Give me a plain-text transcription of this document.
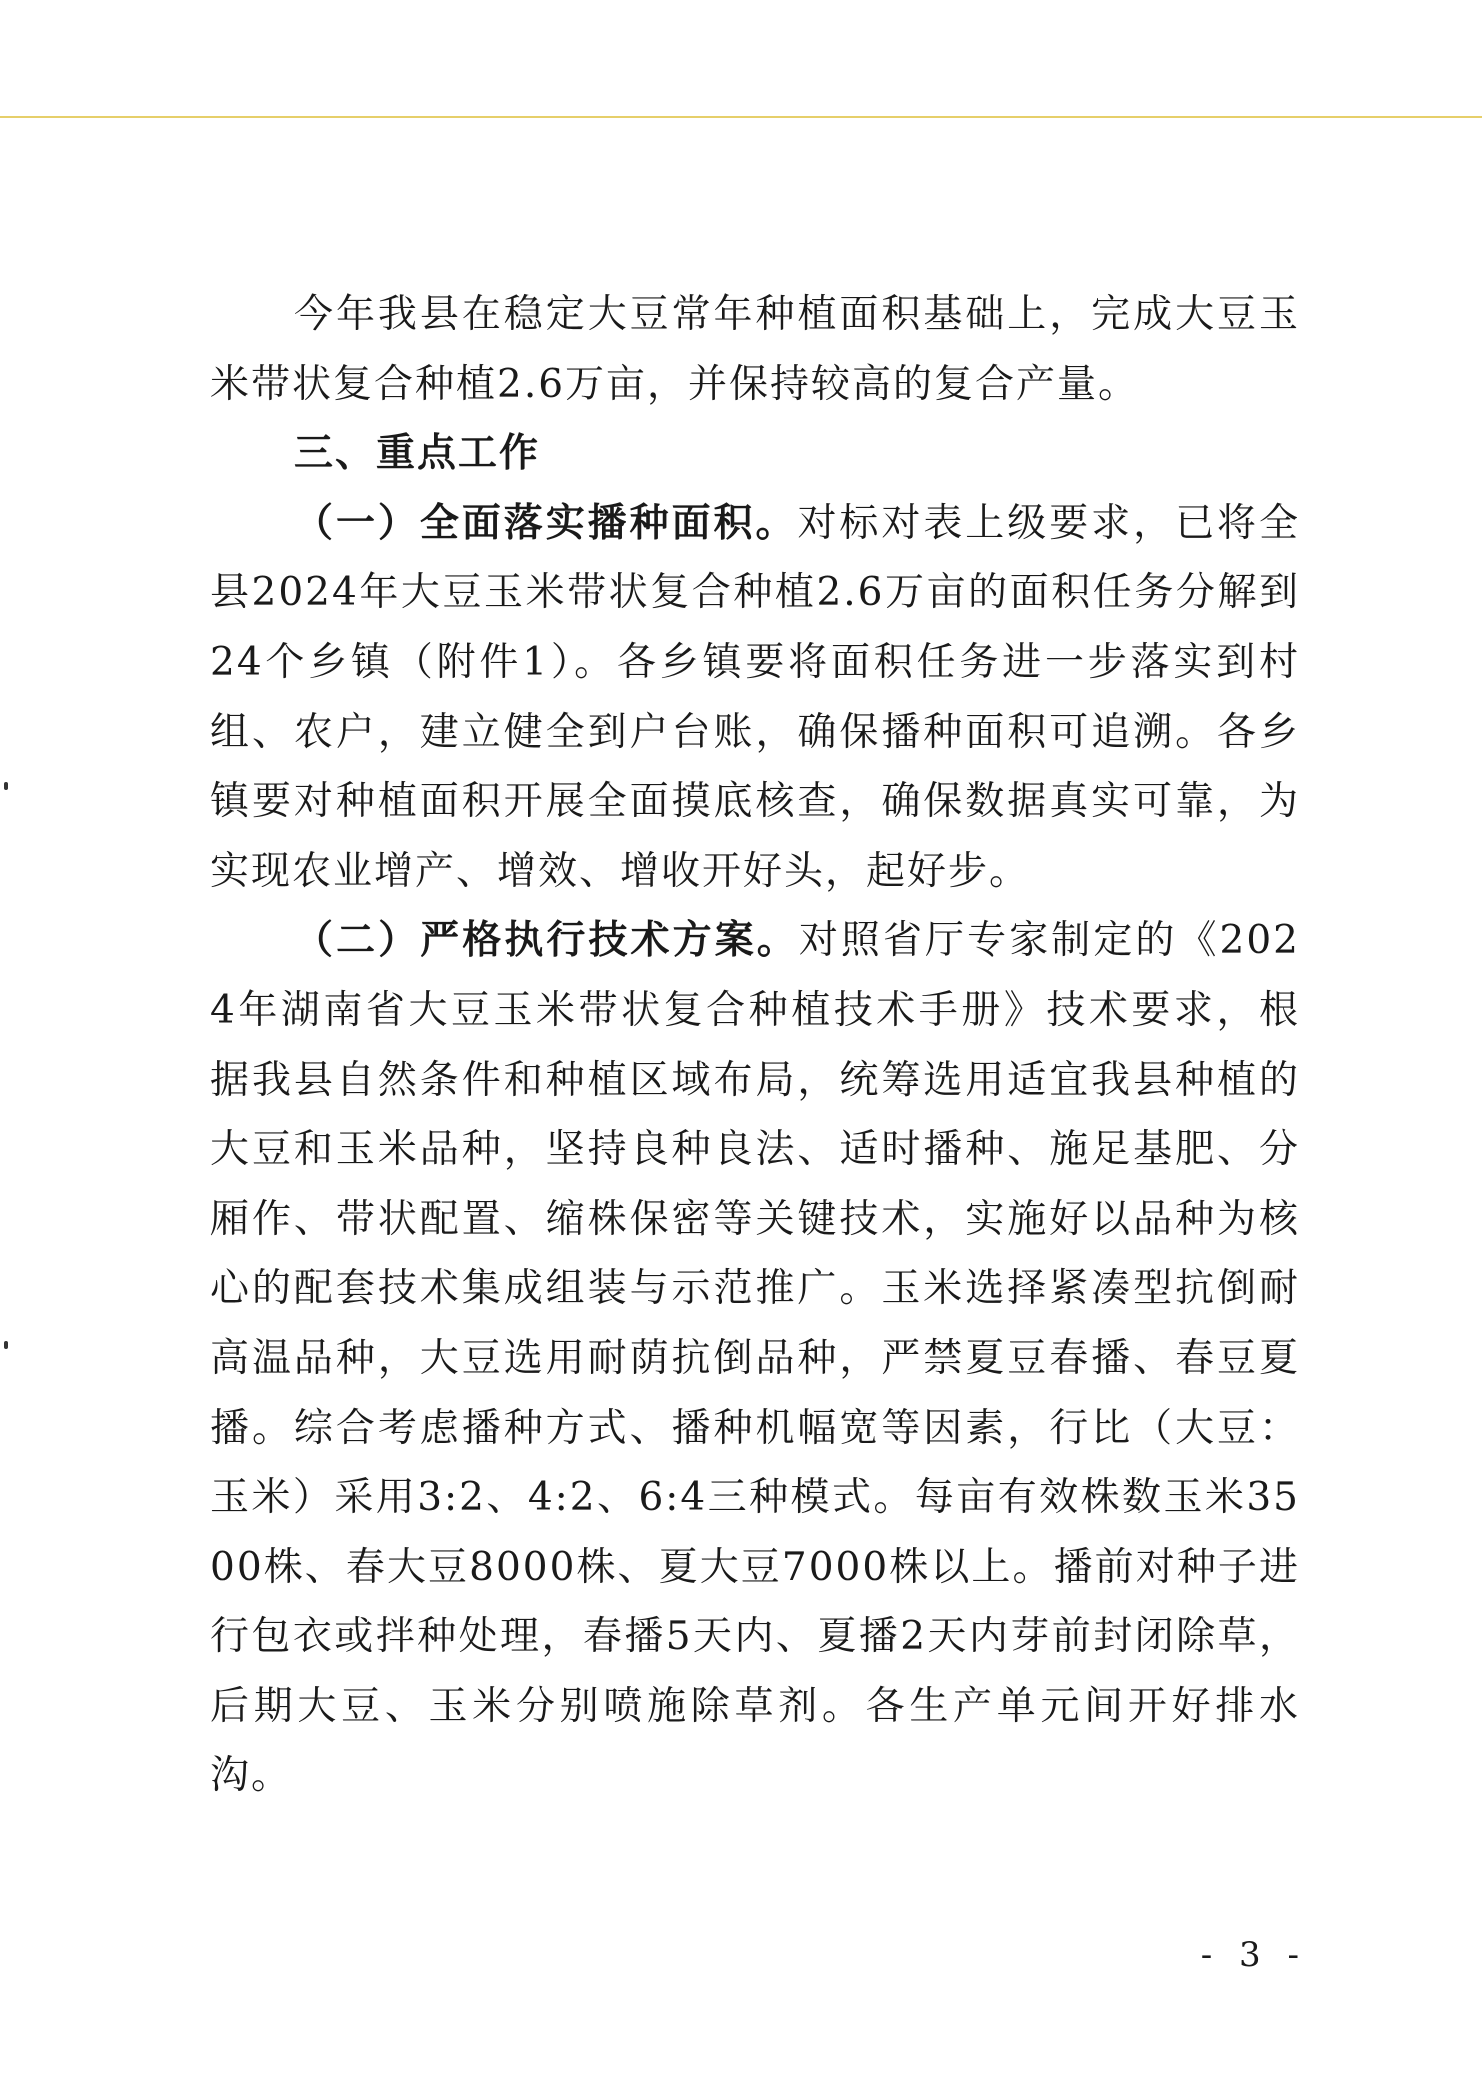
今年我县在稳定大豆常年种植面积基础上，完成大豆玉米带状复合种植2.6万亩，并保持较高的复合产量。

三、重点工作

（一）全面落实播种面积。对标对表上级要求，已将全县2024年大豆玉米带状复合种植2.6万亩的面积任务分解到24个乡镇（附件1）。各乡镇要将面积任务进一步落实到村组、农户，建立健全到户台账，确保播种面积可追溯。各乡镇要对种植面积开展全面摸底核查，确保数据真实可靠，为实现农业增产、增效、增收开好头，起好步。

（二）严格执行技术方案。对照省厅专家制定的《2024年湖南省大豆玉米带状复合种植技术手册》技术要求，根据我县自然条件和种植区域布局，统筹选用适宜我县种植的大豆和玉米品种，坚持良种良法、适时播种、施足基肥、分厢作、带状配置、缩株保密等关键技术，实施好以品种为核心的配套技术集成组装与示范推广。玉米选择紧凑型抗倒耐高温品种，大豆选用耐荫抗倒品种，严禁夏豆春播、春豆夏播。综合考虑播种方式、播种机幅宽等因素，行比（大豆：玉米）采用3:2、4:2、6:4三种模式。每亩有效株数玉米3500株、春大豆8000株、夏大豆7000株以上。播前对种子进行包衣或拌种处理，春播5天内、夏播2天内芽前封闭除草，后期大豆、玉米分别喷施除草剂。各生产单元间开好排水沟。

- 3 -
